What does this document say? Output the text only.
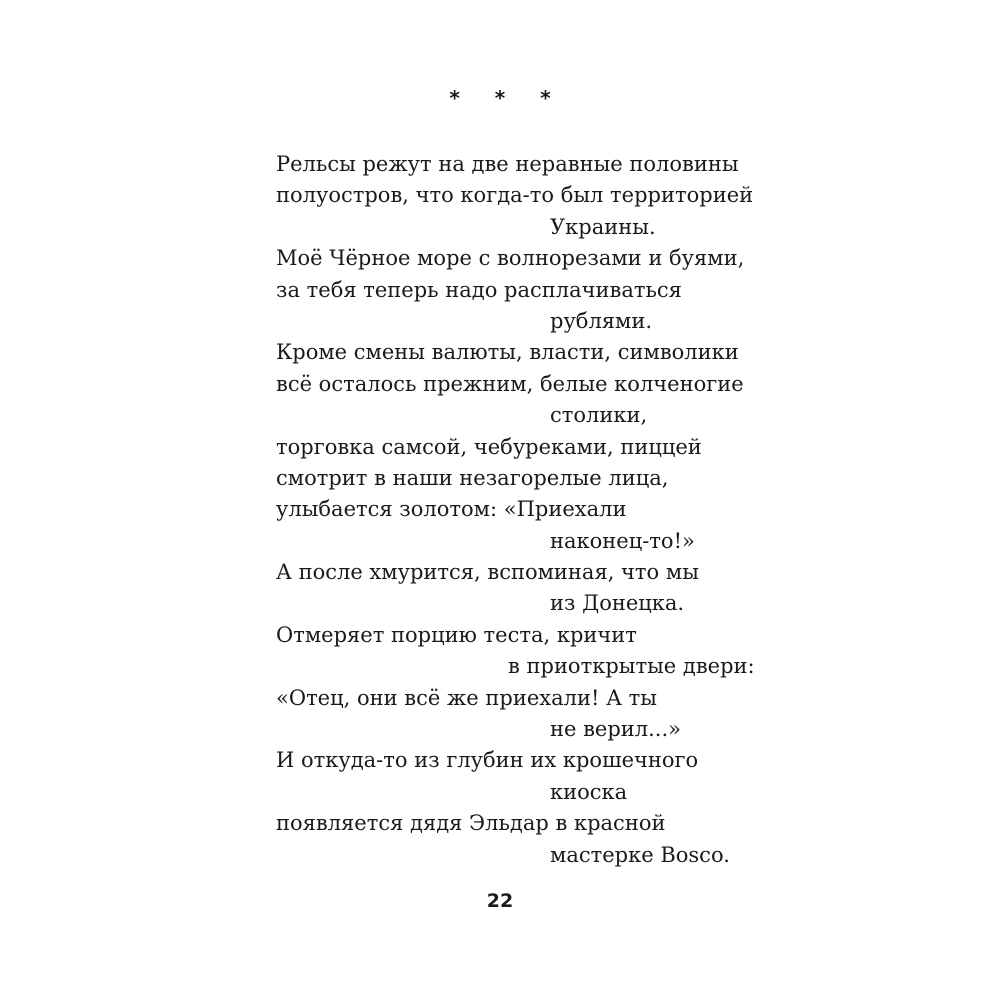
* * *
Рельсы режут на две неравные половины
полуостров, что когда-то был территорией
Украины.
Моё Чёрное море с волнорезами и буями,
за тебя теперь надо расплачиваться
рублями.
Кроме смены валюты, власти, символики
всё осталось прежним, белые колченогие
столики,
торговка самсой, чебуреками, пиццей
смотрит в наши незагорелые лица,
улыбается золотом: «Приехали
наконец-то!»
А после хмурится, вспоминая, что мы
из Донецка.
Отмеряет порцию теста, кричит
в приоткрытые двери:
«Отец, они всё же приехали! А ты
не верил...»
И откуда-то из глубин их крошечного
киоска
появляется дядя Эльдар в красной
мастерке Bosco.
22
